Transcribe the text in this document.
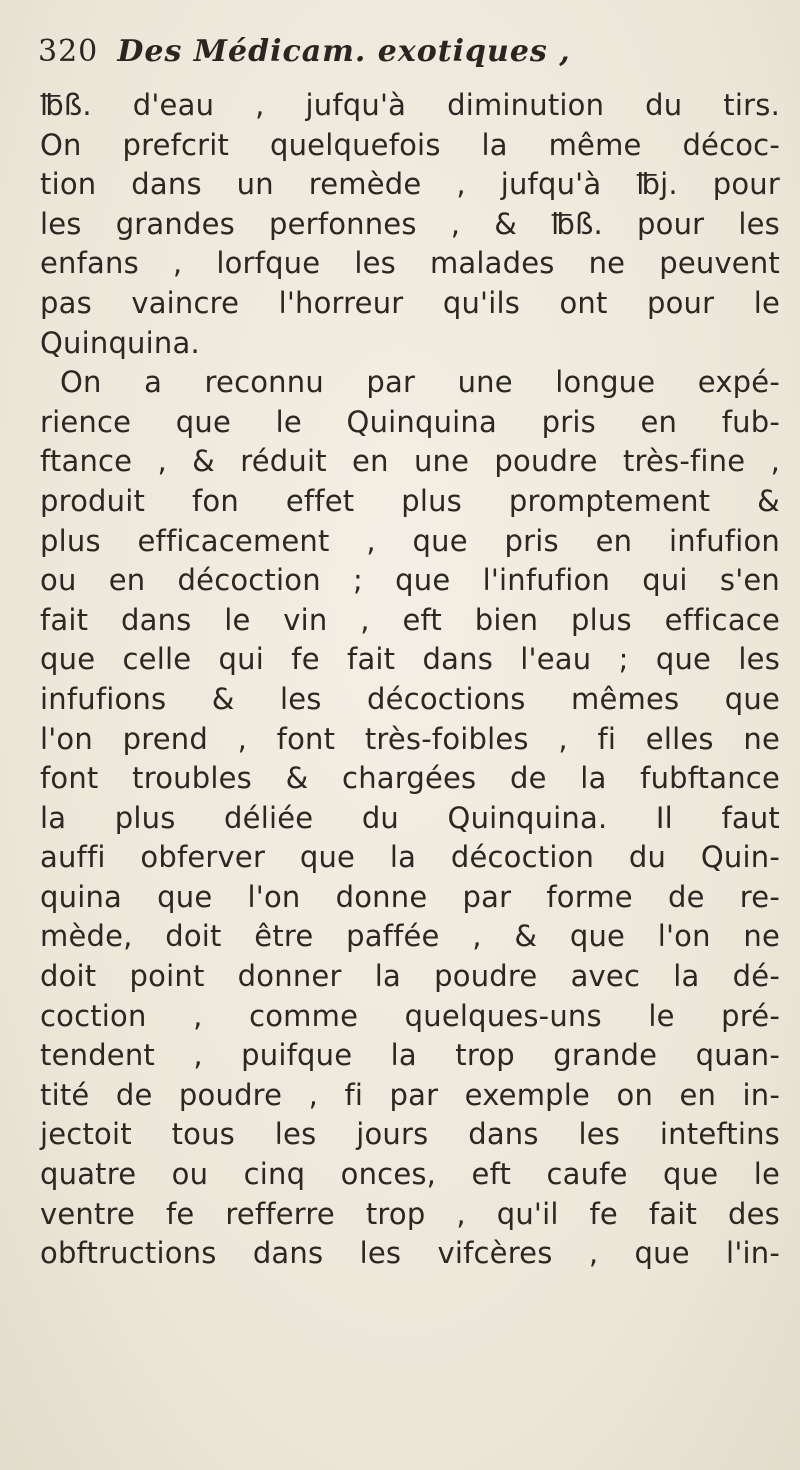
320 Des Médicam. exotiques ,
℔ß. d'eau , jufqu'à diminution du tirs.
On prefcrit quelquefois la même décoc-
tion dans un remède , jufqu'à ℔j. pour
les grandes perfonnes , & ℔ß. pour les
enfans , lorfque les malades ne peuvent
pas vaincre l'horreur qu'ils ont pour le
Quinquina.
On a reconnu par une longue expé-
rience que le Quinquina pris en fub-
ftance , & réduit en une poudre très-fine ,
produit fon effet plus promptement &
plus efficacement , que pris en infufion
ou en décoction ; que l'infufion qui s'en
fait dans le vin , eft bien plus efficace
que celle qui fe fait dans l'eau ; que les
infufions & les décoctions mêmes que
l'on prend , font très-foibles , fi elles ne
font troubles & chargées de la fubftance
la plus déliée du Quinquina. Il faut
auffi obferver que la décoction du Quin-
quina que l'on donne par forme de re-
mède, doit être paffée , & que l'on ne
doit point donner la poudre avec la dé-
coction , comme quelques-uns le pré-
tendent , puifque la trop grande quan-
tité de poudre , fi par exemple on en in-
jectoit tous les jours dans les inteftins
quatre ou cinq onces, eft caufe que le
ventre fe refferre trop , qu'il fe fait des
obftructions dans les vifcères , que l'in-
